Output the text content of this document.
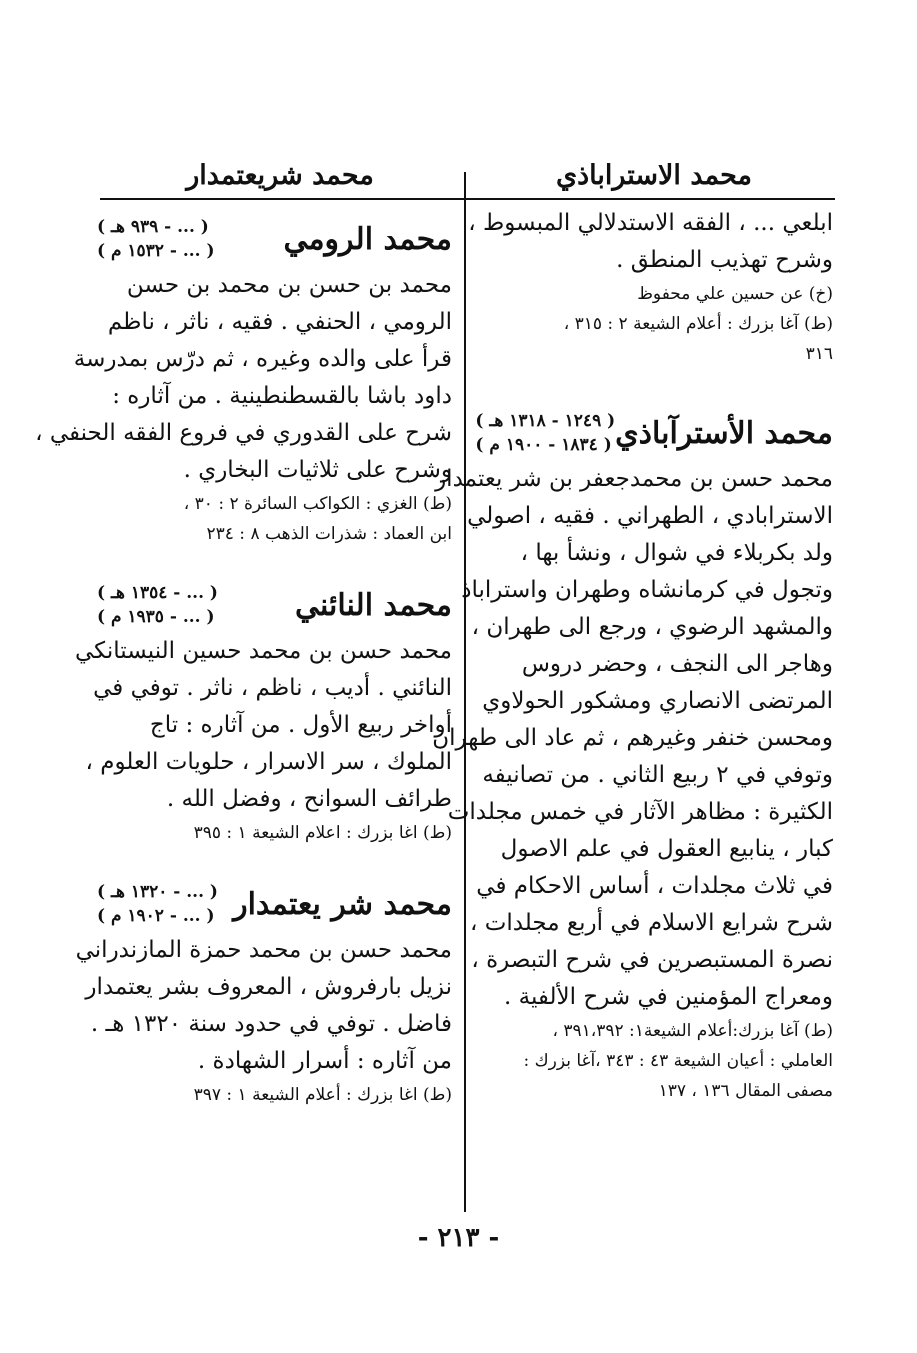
محمد الاستراباذي
محمد شريعتمدار
ابلعي ... ، الفقه الاستدلالي المبسوط ،
وشرح تهذيب المنطق .
(خ) عن حسين علي محفوظ
(ط) آغا بزرك : أعلام الشيعة ٢ : ٣١٥ ،
٣١٦
محمد الأسترآباذي
( ١٢٤٩ - ١٣١٨ هـ )
( ١٨٣٤ - ١٩٠٠ م )
محمد حسن بن محمدجعفر بن شر يعتمدار
الاسترابادي ، الطهراني . فقيه ، اصولي
ولد بكربلاء في شوال ، ونشأ بها ،
وتجول في كرمانشاه وطهران واستراباذ
والمشهد الرضوي ، ورجع الى طهران ،
وهاجر الى النجف ، وحضر دروس
المرتضى الانصاري ومشكور الحولاوي
ومحسن خنفر وغيرهم ، ثم عاد الى طهران
وتوفي في ٢ ربيع الثاني . من تصانيفه
الكثيرة : مظاهر الآثار في خمس مجلدات
كبار ، ينابيع العقول في علم الاصول
في ثلاث مجلدات ، أساس الاحكام في
شرح شرايع الاسلام في أربع مجلدات ،
نصرة المستبصرين في شرح التبصرة ،
ومعراج المؤمنين في شرح الألفية .
(ط) آغا بزرك:أعلام الشيعة١: ٣٩١،٣٩٢ ،
العاملي : أعيان الشيعة ٤٣ : ٣٤٣ ،آغا بزرك :
مصفى المقال ١٣٦ ، ١٣٧
محمد الرومي
( ... - ٩٣٩ هـ )
( ... - ١٥٣٢ م )
محمد بن حسن بن محمد بن حسن
الرومي ، الحنفي . فقيه ، ناثر ، ناظم
قرأ على والده وغيره ، ثم درّس بمدرسة
داود باشا بالقسطنطينية . من آثاره :
شرح على القدوري في فروع الفقه الحنفي ،
وشرح على ثلاثيات البخاري .
(ط) الغزي : الكواكب السائرة ٢ : ٣٠ ،
ابن العماد : شذرات الذهب ٨ : ٢٣٤
محمد النائني
( ... - ١٣٥٤ هـ )
( ... - ١٩٣٥ م )
محمد حسن بن محمد حسين النيستانكي
النائني . أديب ، ناظم ، ناثر . توفي في
أواخر ربيع الأول . من آثاره : تاج
الملوك ، سر الاسرار ، حلويات العلوم ،
طرائف السوانح ، وفضل الله .
(ط) اغا بزرك : اعلام الشيعة ١ : ٣٩٥
محمد شر يعتمدار
( ... - ١٣٢٠ هـ )
( ... - ١٩٠٢ م )
محمد حسن بن محمد حمزة المازندراني
نزيل بارفروش ، المعروف بشر يعتمدار
فاضل . توفي في حدود سنة ١٣٢٠ هـ .
من آثاره : أسرار الشهادة .
(ط) اغا بزرك : أعلام الشيعة ١ : ٣٩٧
- ٢١٣ -
